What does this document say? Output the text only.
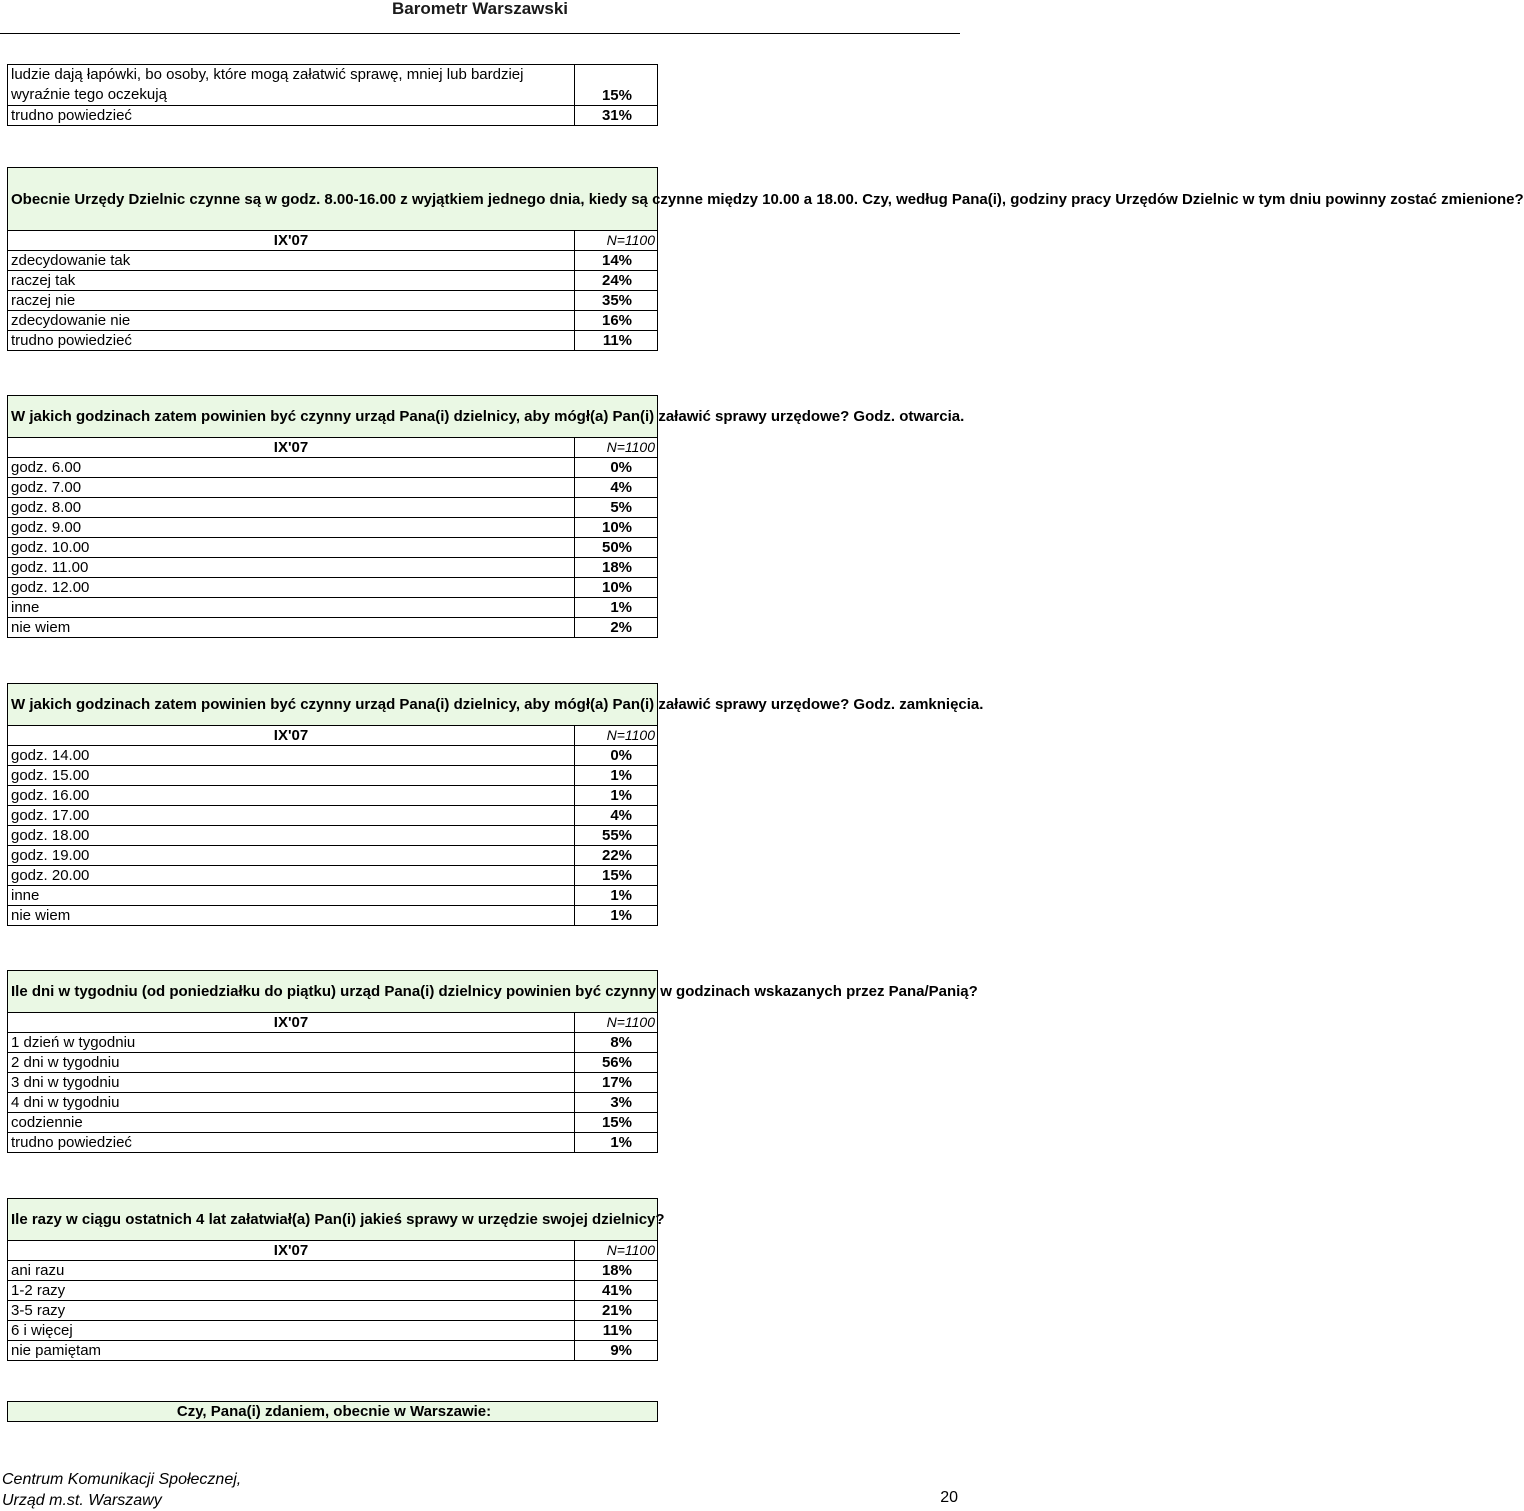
Barometr Warszawski
ludzie dają łapówki, bo osoby, które mogą załatwić sprawę, mniej lub bardziej
wyraźnie tego oczekują	15%
trudno powiedzieć	31%
Obecnie Urzędy Dzielnic czynne są w godz. 8.00-16.00 z wyjątkiem jednego dnia, kiedy są czynne między 10.00 a 18.00. Czy, według Pana(i), godziny pracy Urzędów Dzielnic w tym dniu powinny zostać zmienione?	
IX'07	N=1100
zdecydowanie tak	14%
raczej tak	24%
raczej nie	35%
zdecydowanie nie	16%
trudno powiedzieć	11%
W jakich godzinach zatem powinien być czynny urząd Pana(i) dzielnicy, aby mógł(a) Pan(i) załawić sprawy urzędowe? Godz. otwarcia.	
IX'07	N=1100
godz. 6.00	0%
godz. 7.00	4%
godz. 8.00	5%
godz. 9.00	10%
godz. 10.00	50%
godz. 11.00	18%
godz. 12.00	10%
inne	1%
nie wiem	2%
W jakich godzinach zatem powinien być czynny urząd Pana(i) dzielnicy, aby mógł(a) Pan(i) załawić sprawy urzędowe? Godz. zamknięcia.	
IX'07	N=1100
godz. 14.00	0%
godz. 15.00	1%
godz. 16.00	1%
godz. 17.00	4%
godz. 18.00	55%
godz. 19.00	22%
godz. 20.00	15%
inne	1%
nie wiem	1%
Ile dni w tygodniu (od poniedziałku do piątku) urząd Pana(i) dzielnicy powinien być czynny w godzinach wskazanych przez Pana/Panią?	
IX'07	N=1100
1 dzień w tygodniu	8%
2 dni w tygodniu	56%
3 dni w tygodniu	17%
4 dni w tygodniu	3%
codziennie	15%
trudno powiedzieć	1%
Ile razy w ciągu ostatnich 4 lat załatwiał(a) Pan(i) jakieś sprawy w urzędzie swojej dzielnicy?	
IX'07	N=1100
ani razu	18%
1-2 razy	41%
3-5 razy	21%
6 i więcej	11%
nie pamiętam	9%
Czy, Pana(i) zdaniem, obecnie w Warszawie:
Centrum Komunikacji Społecznej,
Urząd m.st. Warszawy	20
